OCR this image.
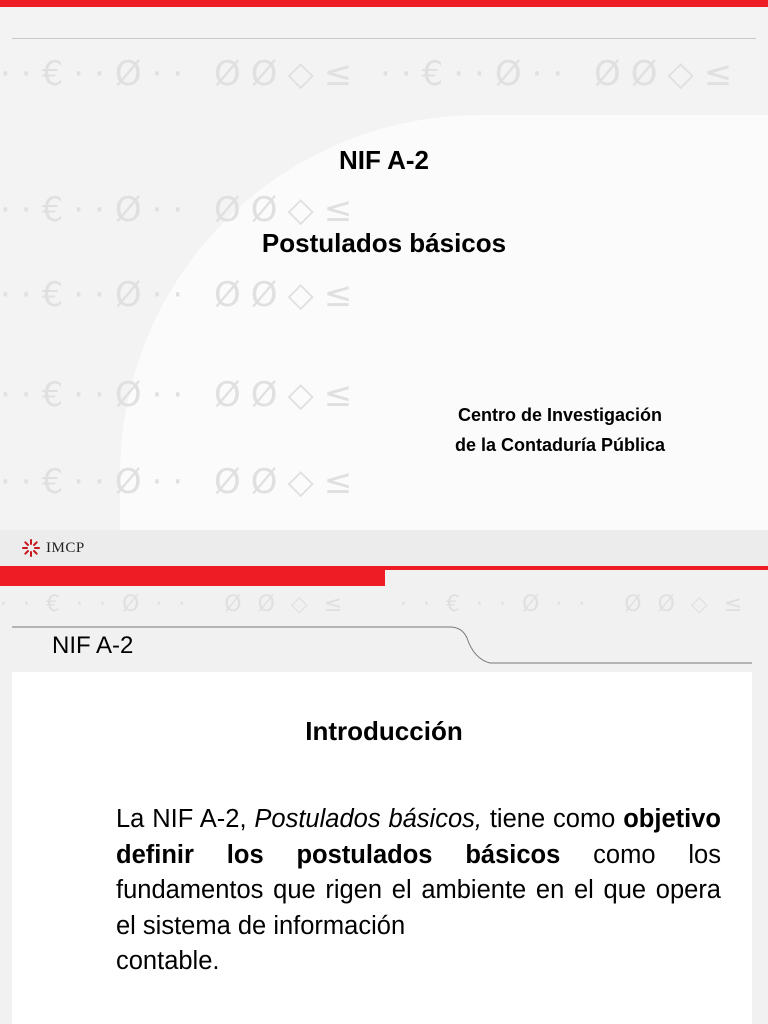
··€··Ø·· ØØ◇≤ ··€··Ø·· ØØ◇≤
··€··Ø·· ØØ◇≤
··€··Ø·· ØØ◇≤
··€··Ø·· ØØ◇≤
··€··Ø·· ØØ◇≤
NIF A-2
Postulados básicos
Centro de Investigación
de la Contaduría Pública
IMCP
··€··Ø·· ØØ◇≤	··€··Ø·· ØØ◇≤
NIF A-2
Introducción
La NIF A-2, Postulados básicos, tiene como objetivo definir los postulados básicos como los fundamentos que rigen el ambiente en el que opera el sistema de información
contable.
